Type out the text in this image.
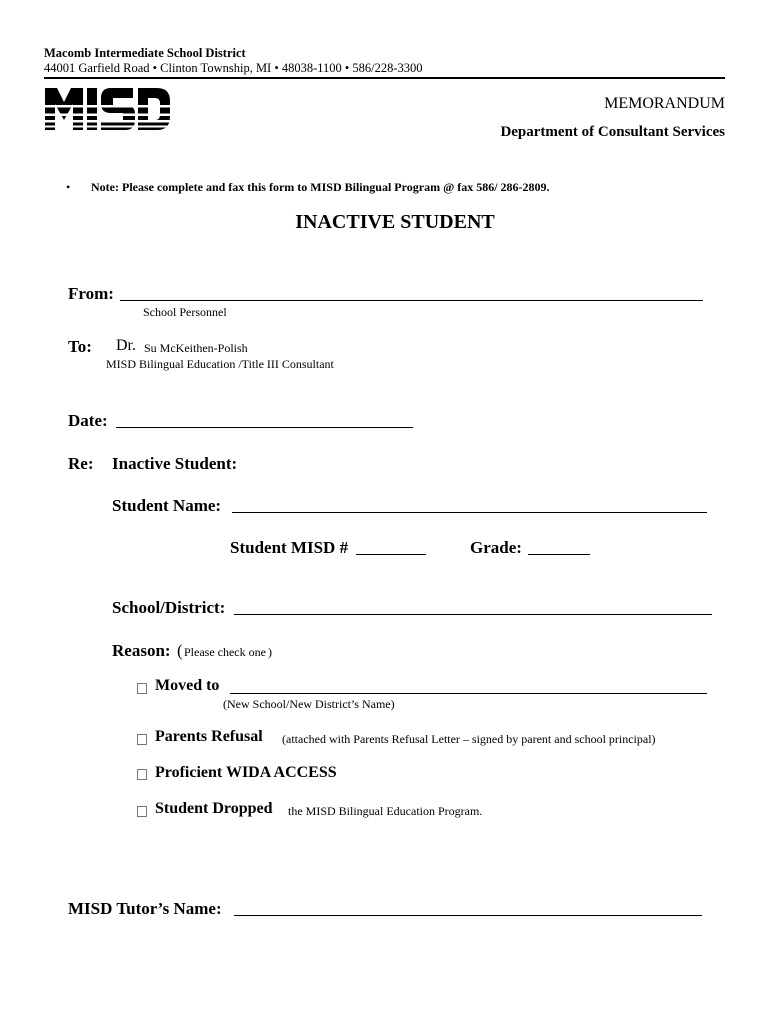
Macomb Intermediate School District
44001 Garfield Road • Clinton Township, MI • 48038-1100 • 586/228-3300
MEMORANDUM
Department of Consultant Services
• Note: Please complete and fax this form to MISD Bilingual Program @ fax 586/ 286-2809.
INACTIVE STUDENT
From:
School Personnel
To: Dr. Su McKeithen-Polish
MISD Bilingual Education /Title III Consultant
Date:
Re: Inactive Student:
Student Name:
Student MISD #	Grade:
School/District:
Reason: ( Please check one )
Moved to
(New School/New District’s Name)
Parents Refusal (attached with Parents Refusal Letter – signed by parent and school principal)
Proficient WIDA ACCESS
Student Dropped the MISD Bilingual Education Program.
MISD Tutor’s Name:
